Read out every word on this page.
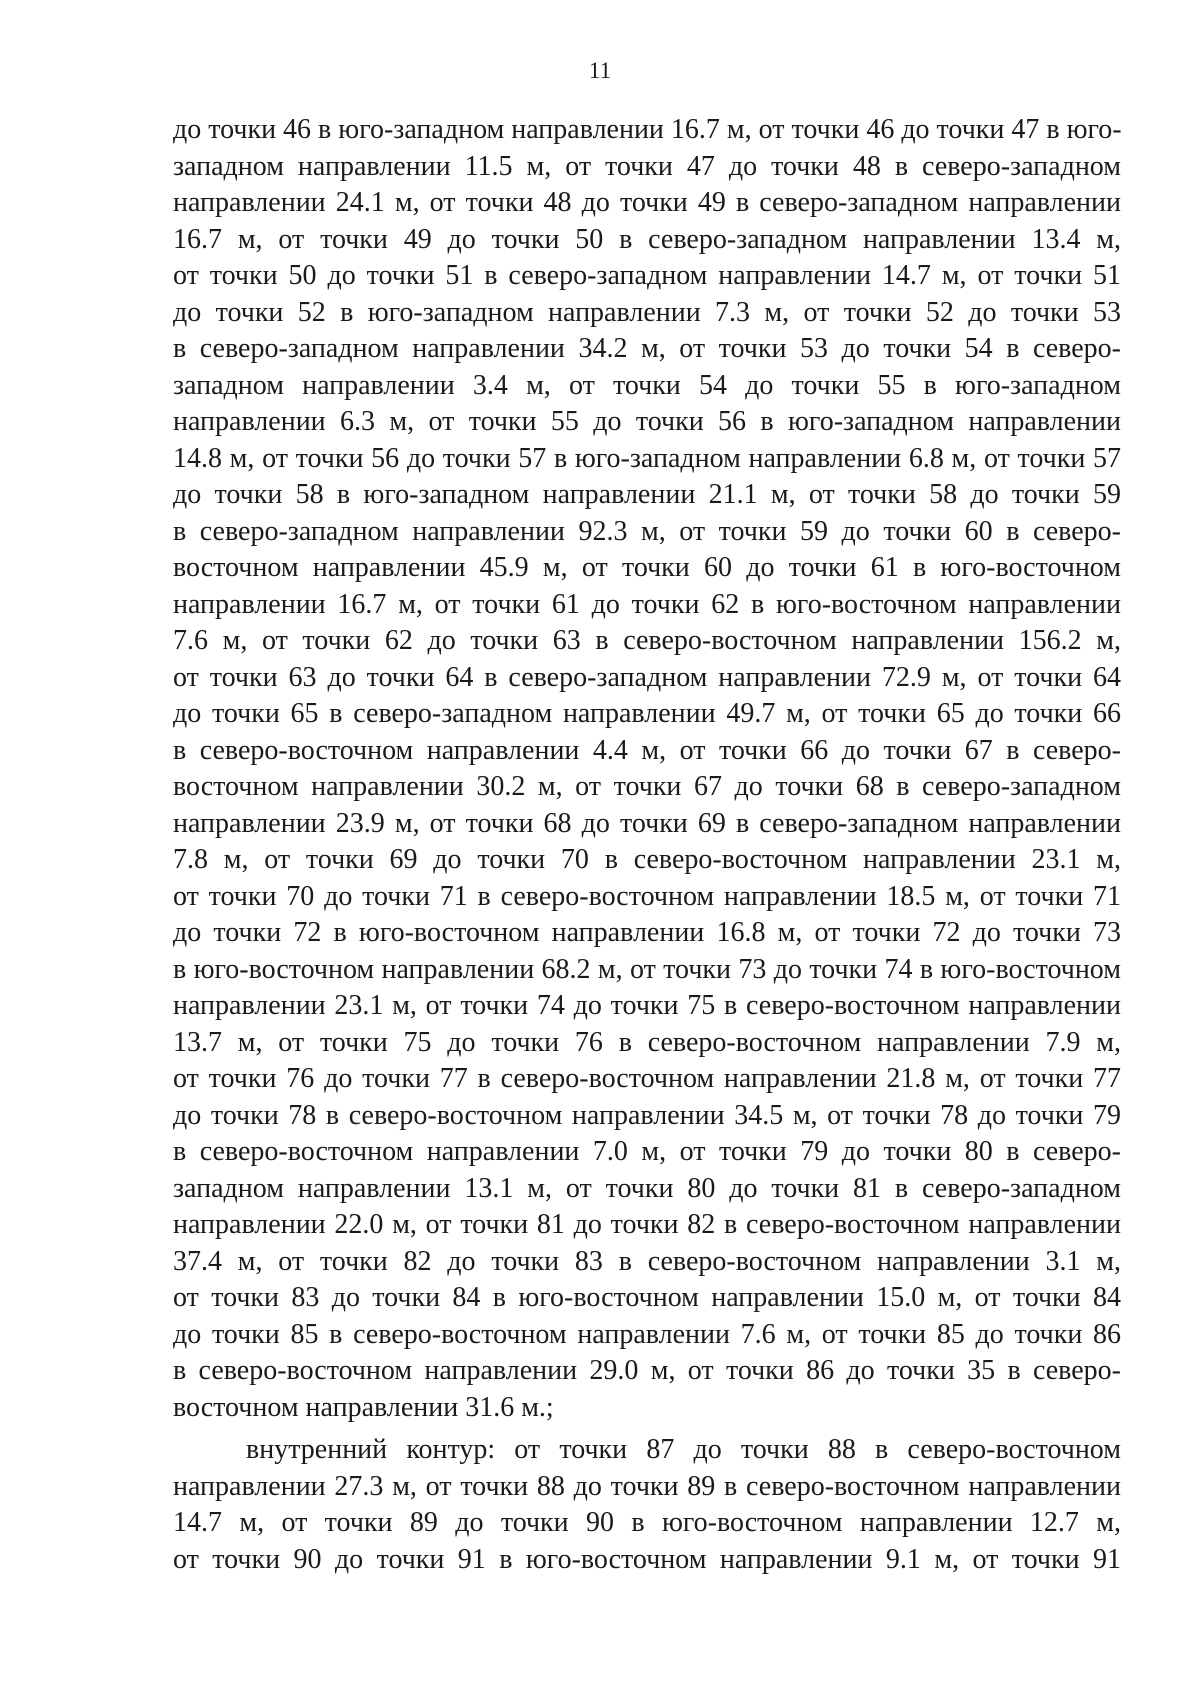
11
до точки 46 в юго-западном направлении 16.7 м, от точки 46 до точки 47 в юго-
западном направлении 11.5 м, от точки 47 до точки 48 в северо-западном
направлении 24.1 м, от точки 48 до точки 49 в северо-западном направлении
16.7 м, от точки 49 до точки 50 в северо-западном направлении 13.4 м,
от точки 50 до точки 51 в северо-западном направлении 14.7 м, от точки 51
до точки 52 в юго-западном направлении 7.3 м, от точки 52 до точки 53
в северо-западном направлении 34.2 м, от точки 53 до точки 54 в северо-
западном направлении 3.4 м, от точки 54 до точки 55 в юго-западном
направлении 6.3 м, от точки 55 до точки 56 в юго-западном направлении
14.8 м, от точки 56 до точки 57 в юго-западном направлении 6.8 м, от точки 57
до точки 58 в юго-западном направлении 21.1 м, от точки 58 до точки 59
в северо-западном направлении 92.3 м, от точки 59 до точки 60 в северо-
восточном направлении 45.9 м, от точки 60 до точки 61 в юго-восточном
направлении 16.7 м, от точки 61 до точки 62 в юго-восточном направлении
7.6 м, от точки 62 до точки 63 в северо-восточном направлении 156.2 м,
от точки 63 до точки 64 в северо-западном направлении 72.9 м, от точки 64
до точки 65 в северо-западном направлении 49.7 м, от точки 65 до точки 66
в северо-восточном направлении 4.4 м, от точки 66 до точки 67 в северо-
восточном направлении 30.2 м, от точки 67 до точки 68 в северо-западном
направлении 23.9 м, от точки 68 до точки 69 в северо-западном направлении
7.8 м, от точки 69 до точки 70 в северо-восточном направлении 23.1 м,
от точки 70 до точки 71 в северо-восточном направлении 18.5 м, от точки 71
до точки 72 в юго-восточном направлении 16.8 м, от точки 72 до точки 73
в юго-восточном направлении 68.2 м, от точки 73 до точки 74 в юго-восточном
направлении 23.1 м, от точки 74 до точки 75 в северо-восточном направлении
13.7 м, от точки 75 до точки 76 в северо-восточном направлении 7.9 м,
от точки 76 до точки 77 в северо-восточном направлении 21.8 м, от точки 77
до точки 78 в северо-восточном направлении 34.5 м, от точки 78 до точки 79
в северо-восточном направлении 7.0 м, от точки 79 до точки 80 в северо-
западном направлении 13.1 м, от точки 80 до точки 81 в северо-западном
направлении 22.0 м, от точки 81 до точки 82 в северо-восточном направлении
37.4 м, от точки 82 до точки 83 в северо-восточном направлении 3.1 м,
от точки 83 до точки 84 в юго-восточном направлении 15.0 м, от точки 84
до точки 85 в северо-восточном направлении 7.6 м, от точки 85 до точки 86
в северо-восточном направлении 29.0 м, от точки 86 до точки 35 в северо-
восточном направлении 31.6 м.;
внутренний контур: от точки 87 до точки 88 в северо-восточном
направлении 27.3 м, от точки 88 до точки 89 в северо-восточном направлении
14.7 м, от точки 89 до точки 90 в юго-восточном направлении 12.7 м,
от точки 90 до точки 91 в юго-восточном направлении 9.1 м, от точки 91
